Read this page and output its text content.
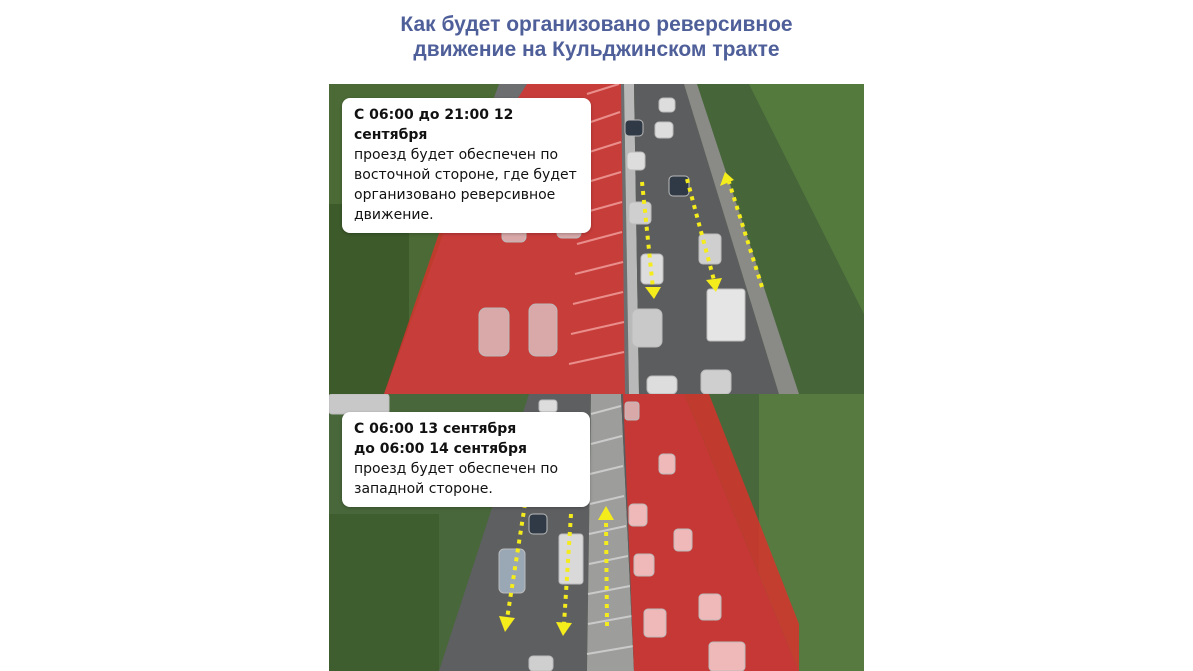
Как будет организовано реверсивное
движение на Кульджинском тракте
С 06:00 до 21:00 12 сентября
проезд будет обеспечен по восточной стороне, где будет организовано реверсивное движение.
С 06:00 13 сентября
до 06:00 14 сентября
проезд будет обеспечен по западной стороне.
